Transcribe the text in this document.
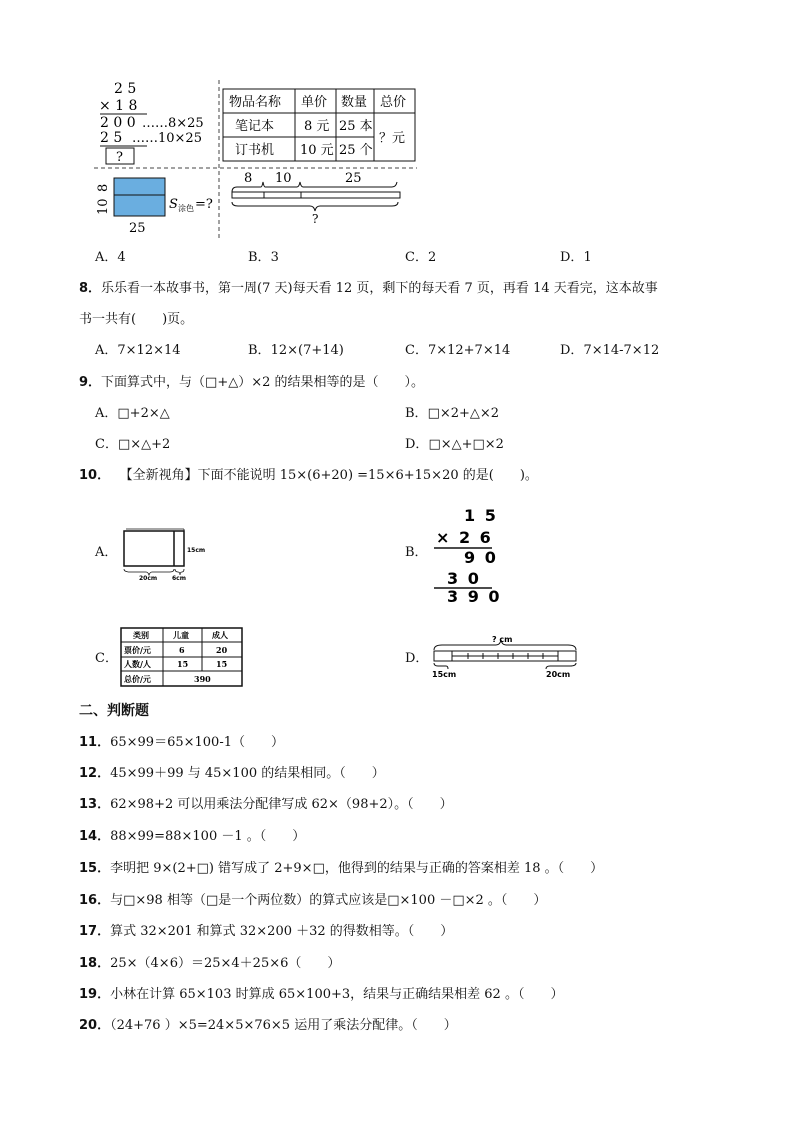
2 5
× 1 8
2 0 0 ……8×25
2 5 ……10×25
?
物品名称 单价 数量 总价
笔记本 8 元 25 本
订书机 10 元 25 个
？元
8
10
25
S 涂色 =?
8 10	25
?
A．4	B．3	C．2	D．1
8．乐乐看一本故事书，第一周(7 天)每天看 12 页，剩下的每天看 7 页，再看 14 天看完，这本故事
书一共有(　　)页。
A．7×12×14	B．12×(7+14)	C．7×12+7×14	D．7×14-7×12
9．下面算式中，与（□+△）×2 的结果相等的是（　　）。
A．□+2×△	B．□×2+△×2
C．□×△+2	D．□×△+□×2
10． 【全新视角】下面不能说明 15×(6+20) =15×6+15×20 的是(　　)。
A．	15cm
20cm 6cm
B．
1 5
× 2 6
9 0
3 0
3 9 0
C．
类别	儿童	成人
票价/元	6	20
人数/人	15	15
总价/元	390
D．
? cm
15cm	20cm
二、判断题
11．65×99＝65×100-1（　　）
12．45×99＋99 与 45×100 的结果相同。（　　）
13．62×98+2 可以用乘法分配律写成 62×（98+2）。（　　）
14．88×99=88×100 －1 。（　　）
15．李明把 9×(2+□) 错写成了 2+9×□，他得到的结果与正确的答案相差 18 。（　　）
16．与□×98 相等（□是一个两位数）的算式应该是□×100 －□×2 。（　　）
17．算式 32×201 和算式 32×200 ＋32 的得数相等。（　　）
18．25×（4×6）＝25×4＋25×6（　　）
19．小林在计算 65×103 时算成 65×100+3，结果与正确结果相差 62 。（　　）
20．（24+76 ）×5=24×5×76×5 运用了乘法分配律。（　　）
